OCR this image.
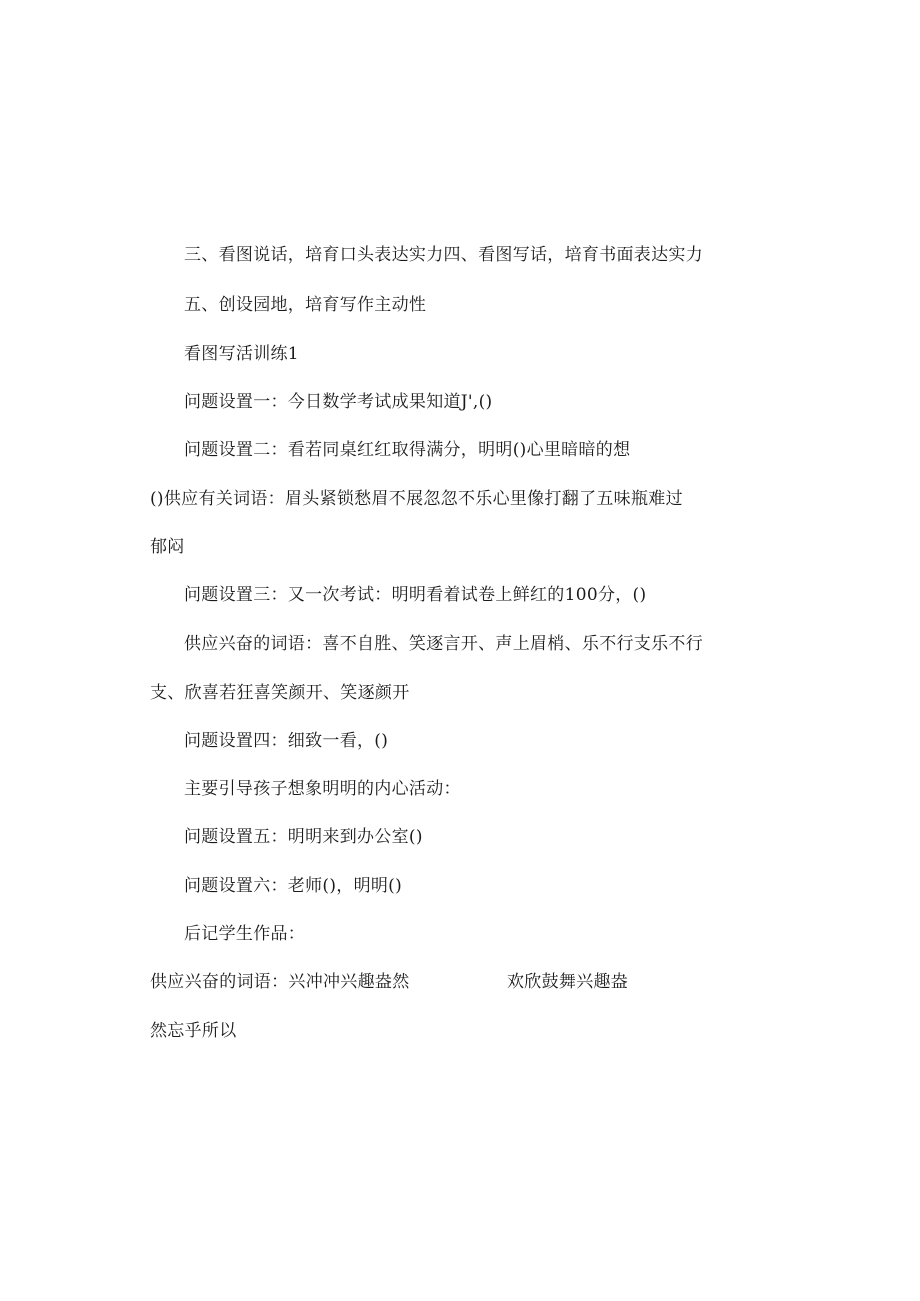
三、看图说话，培育口头表达实力四、看图写话，培育书面表达实力
五、创设园地，培育写作主动性
看图写活训练1
问题设置一：今日数学考试成果知道J',()
问题设置二：看若同桌红红取得满分，明明()心里暗暗的想
()供应有关词语：眉头紧锁愁眉不展忽忽不乐心里像打翻了五味瓶难过
郁闷
问题设置三：又一次考试：明明看着试卷上鲜红的100分，()
供应兴奋的词语：喜不自胜、笑逐言开、声上眉梢、乐不行支乐不行
支、欣喜若狂喜笑颜开、笑逐颜开
问题设置四：细致一看，()
主要引导孩子想象明明的内心活动：
问题设置五：明明来到办公室()
问题设置六：老师()，明明()
后记学生作品：
供应兴奋的词语：兴冲冲兴趣盎然	欢欣鼓舞兴趣盎
然忘乎所以
